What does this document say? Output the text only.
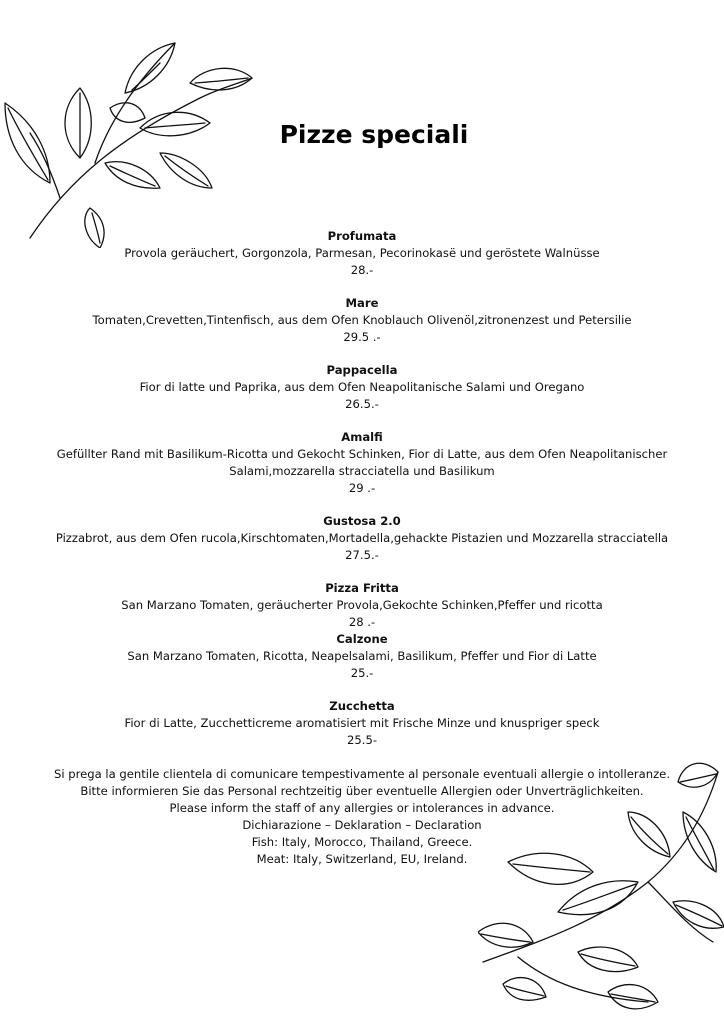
Pizze speciali
Profumata
Provola geräuchert, Gorgonzola, Parmesan, Pecorinokasë und geröstete Walnüsse
28.-
Mare
Tomaten,Crevetten,Tintenfisch, aus dem Ofen Knoblauch Olivenöl,zitronenzest und Petersilie
29.5 .-
Pappacella
Fior di latte und Paprika, aus dem Ofen Neapolitanische Salami und Oregano
26.5.-
Amalfi
Gefüllter Rand mit Basilikum-Ricotta und Gekocht Schinken, Fior di Latte, aus dem Ofen Neapolitanischer
Salami,mozzarella stracciatella und Basilikum
29 .-
Gustosa 2.0
Pizzabrot, aus dem Ofen rucola,Kirschtomaten,Mortadella,gehackte Pistazien und Mozzarella stracciatella
27.5.-
Pizza Fritta
San Marzano Tomaten, geräucherter Provola,Gekochte Schinken,Pfeffer und ricotta
28 .-
Calzone
San Marzano Tomaten, Ricotta, Neapelsalami, Basilikum, Pfeffer und Fior di Latte
25.-
Zucchetta
Fior di Latte, Zucchetticreme aromatisiert mit Frische Minze und knuspriger speck
25.5-
Si prega la gentile clientela di comunicare tempestivamente al personale eventuali allergie o intolleranze.
Bitte informieren Sie das Personal rechtzeitig über eventuelle Allergien oder Unverträglichkeiten.
Please inform the staff of any allergies or intolerances in advance.
Dichiarazione – Deklaration – Declaration
Fish: Italy, Morocco, Thailand, Greece.
Meat: Italy, Switzerland, EU, Ireland.
